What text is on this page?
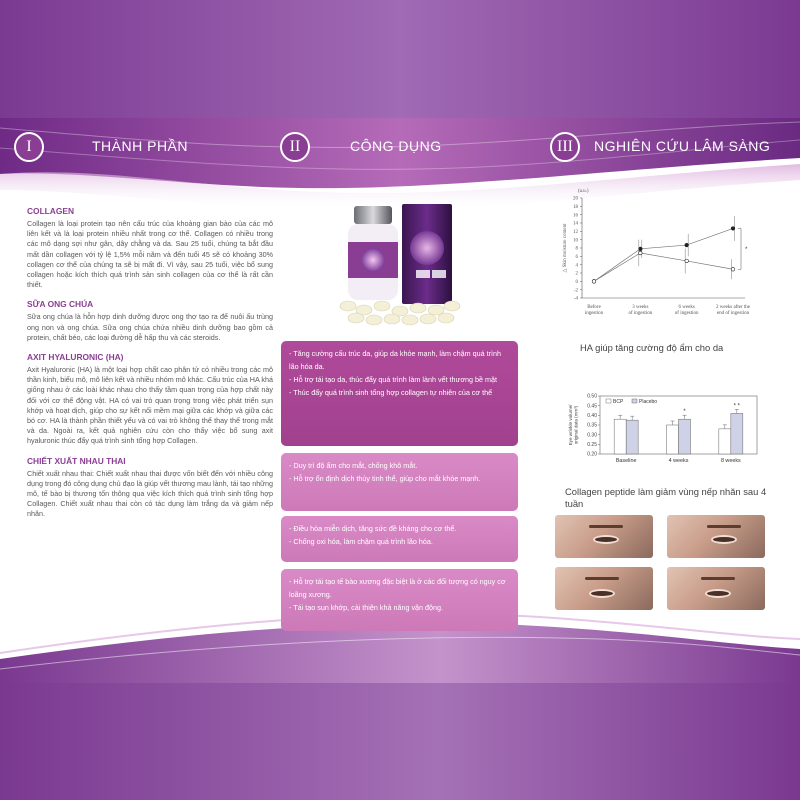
I	THÀNH PHẦN	II	CÔNG DỤNG	III	NGHIÊN CỨU LÂM SÀNG
COLLAGEN
Collagen là loại protein tạo nên cấu trúc của khoảng gian bào của các mô liên kết và là loại protein nhiều nhất trong cơ thể. Collagen có nhiều trong các mô dạng sợi như gân, dây chằng và da. Sau 25 tuổi, chúng ta bắt đầu mất dần collagen với tỷ lệ 1,5% mỗi năm và đến tuổi 45 sẽ có khoảng 30% collagen cơ thể của chúng ta sẽ bị mất đi. Vì vậy, sau 25 tuổi, việc bổ sung collagen hoặc kích thích quá trình sản sinh collagen của cơ thể là rất cần thiết.
SỮA ONG CHÚA
Sữa ong chúa là hỗn hợp dinh dưỡng được ong thợ tạo ra để nuôi ấu trùng ong non và ong chúa. Sữa ong chúa chứa nhiều dinh dưỡng bao gồm cả protein, chất béo, các loại đường dễ hấp thu và các steroids.
AXIT HYALURONIC (HA)
Axit Hyaluronic (HA) là một loại hợp chất cao phân tử có nhiều trong các mô thần kinh, biểu mô, mô liên kết và nhiều nhóm mô khác. Cấu trúc của HA khá giống nhau ở các loài khác nhau cho thấy tầm quan trọng của hợp chất này đối với cơ thể động vật. HA có vai trò quan trọng trong việc phát triển sụn khớp và hoạt dịch, giúp cho sự kết nối mềm mại giữa các khớp và giữa các bó cơ. HA là thành phần thiết yếu và có vai trò không thể thay thế trong mắt và da. Ngoài ra, kết quả nghiên cứu còn cho thấy việc bổ sung axit hyaluronic thúc đẩy quá trình sinh tổng hợp Collagen.
CHIẾT XUẤT NHAU THAI
Chiết xuất nhau thai: Chiết xuất nhau thai được vốn biết đến với nhiều công dụng trong đó công dụng chủ đạo là giúp vết thương mau lành, tái tạo những mô, tế bào bị thương tổn thông qua việc kích thích quá trình sinh tổng hợp Collagen. Chiết xuất nhau thai còn có tác dụng làm trắng da và giảm nếp nhăn.

- Tăng cường cấu trúc da, giúp da khỏe mạnh, làm chậm quá trình lão hóa da.

- Hỗ trợ tái tạo da, thúc đẩy quá trình làm lành vết thương bề mặt

- Thúc đẩy quá trình sinh tổng hợp collagen tự nhiên của cơ thể

- Duy trì độ ẩm cho mắt, chống khô mắt.

- Hỗ trợ ổn định dịch thủy tinh thể, giúp cho mắt khỏe mạnh.

- Điều hòa miễn dịch, tăng sức đề kháng cho cơ thể.

- Chống oxi hóa, làm chậm quá trình lão hóa.

- Hỗ trợ tái tạo tế bào xương đặc biệt là ở các đối tượng có nguy cơ loãng xương.

- Tái tạo sụn khớp, cải thiện khả năng vận động.

(a.u.)
-4
-2
0
2
4
6
8
10
12
14
16
18
20
△ Skin moisture content
Before ingestion
3 weeks of ingestion
6 weeks of ingestion
2 weeks after the end of ingestion
*
HA giúp tăng cường độ ẩm cho da
0.20
0.25
0.30
0.35
0.40
0.45
0.50
Eye wrinkle volume/original data (mm³)
BCP	Placebo
Baseline
*
4 weeks
* *
8 weeks
Collagen peptide làm giảm vùng nếp nhăn sau 4 tuần
